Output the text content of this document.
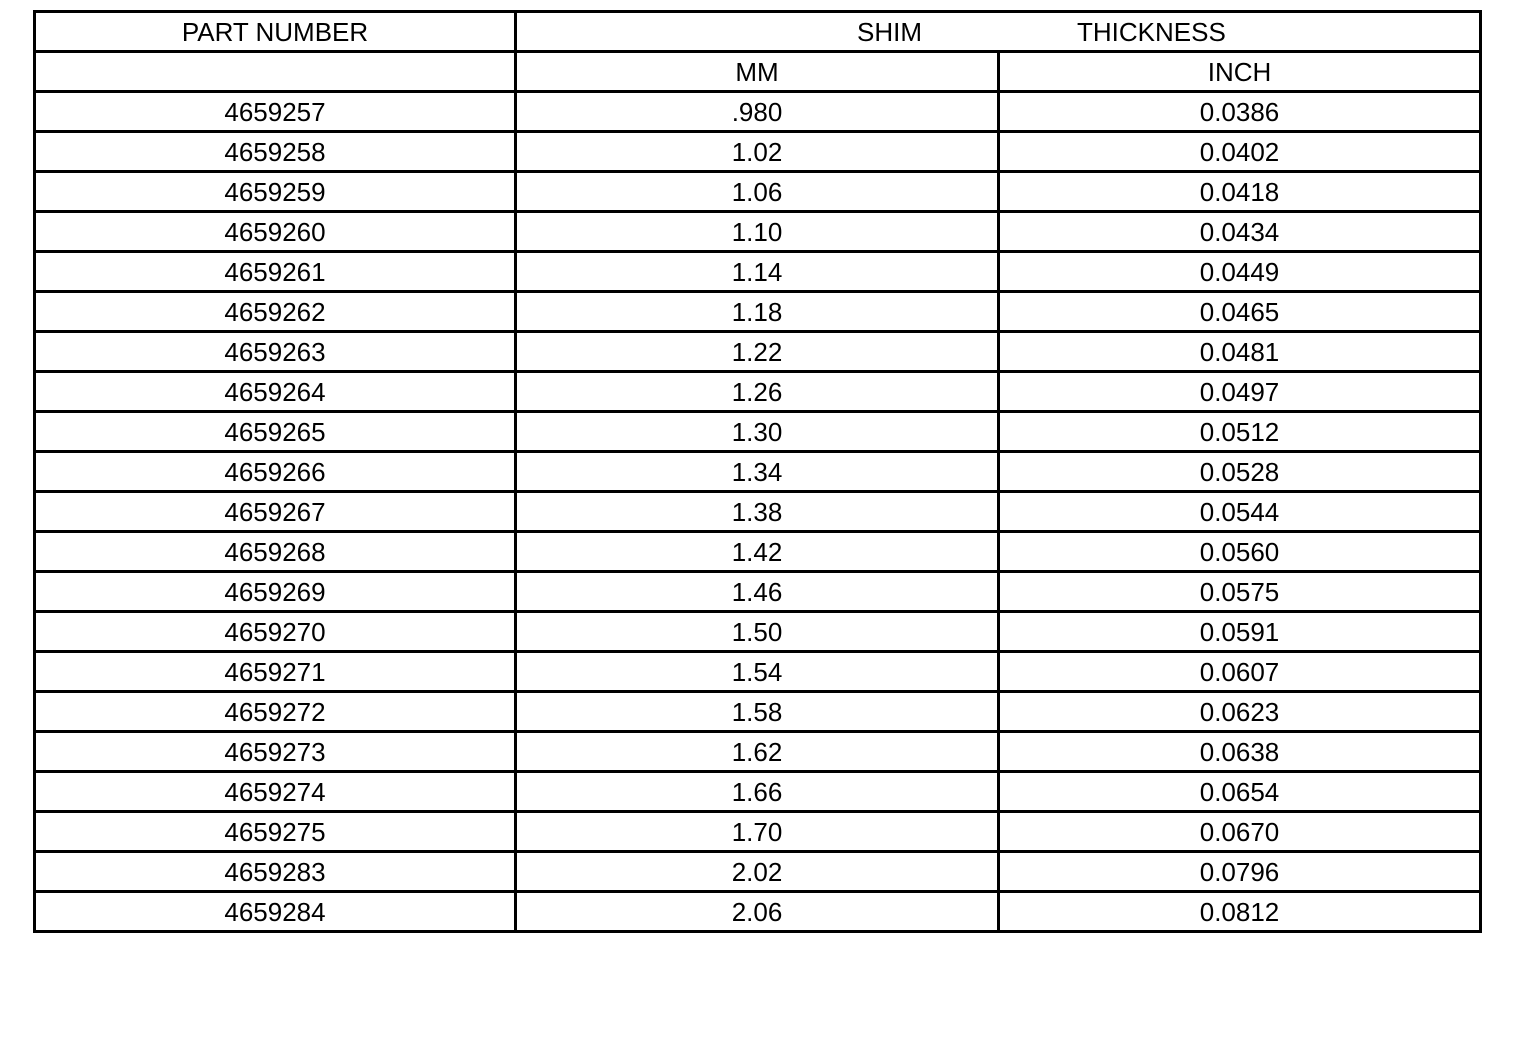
PART NUMBER	SHIM THICKNESS	

	MM	INCH
4659257	.980	0.0386
4659258	1.02	0.0402
4659259	1.06	0.0418
4659260	1.10	0.0434
4659261	1.14	0.0449
4659262	1.18	0.0465
4659263	1.22	0.0481
4659264	1.26	0.0497
4659265	1.30	0.0512
4659266	1.34	0.0528
4659267	1.38	0.0544
4659268	1.42	0.0560
4659269	1.46	0.0575
4659270	1.50	0.0591
4659271	1.54	0.0607
4659272	1.58	0.0623
4659273	1.62	0.0638
4659274	1.66	0.0654
4659275	1.70	0.0670
4659283	2.02	0.0796
4659284	2.06	0.0812
